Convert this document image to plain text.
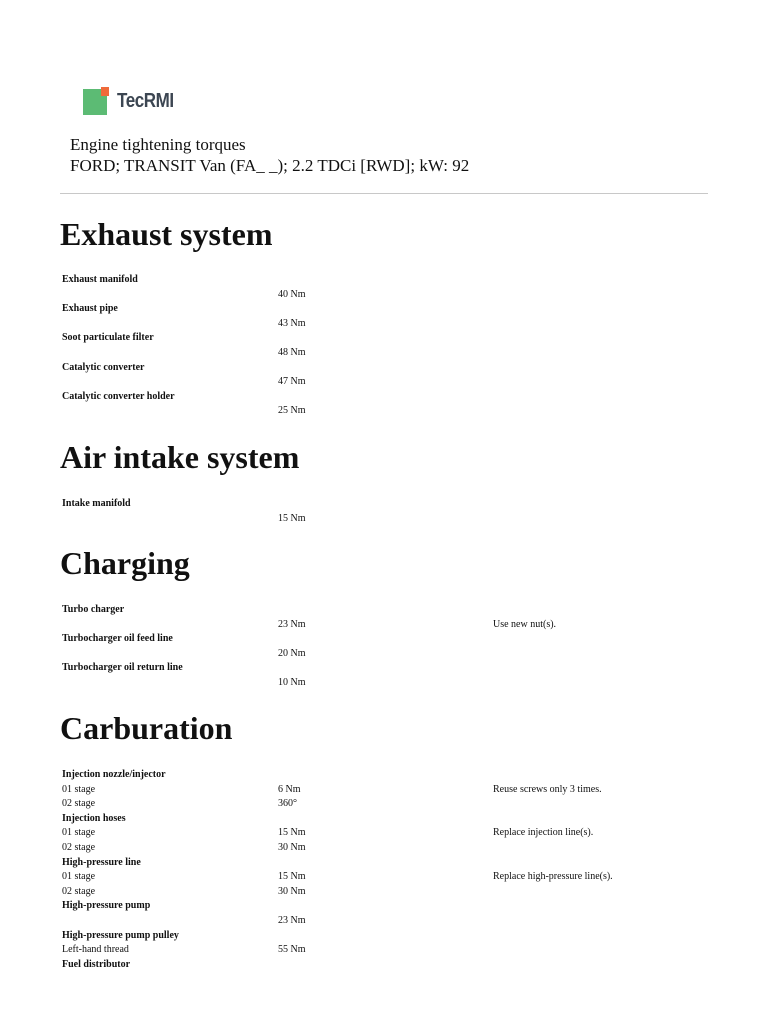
TecRMI
Engine tightening torques
FORD; TRANSIT Van (FA_ _); 2.2 TDCi [RWD]; kW: 92
Exhaust system
Air intake system
Charging
Carburation
Exhaust manifold
40 Nm
Exhaust pipe
43 Nm
Soot particulate filter
48 Nm
Catalytic converter
47 Nm
Catalytic converter holder
25 Nm
Intake manifold
15 Nm
Turbo charger
23 Nm	Use new nut(s).
Turbocharger oil feed line
20 Nm
Turbocharger oil return line
10 Nm
Injection nozzle/injector
01 stage	6 Nm	Reuse screws only 3 times.
02 stage	360°
Injection hoses
01 stage	15 Nm	Replace injection line(s).
02 stage	30 Nm
High-pressure line
01 stage	15 Nm	Replace high-pressure line(s).
02 stage	30 Nm
High-pressure pump
23 Nm
High-pressure pump pulley
Left-hand thread	55 Nm
Fuel distributor
